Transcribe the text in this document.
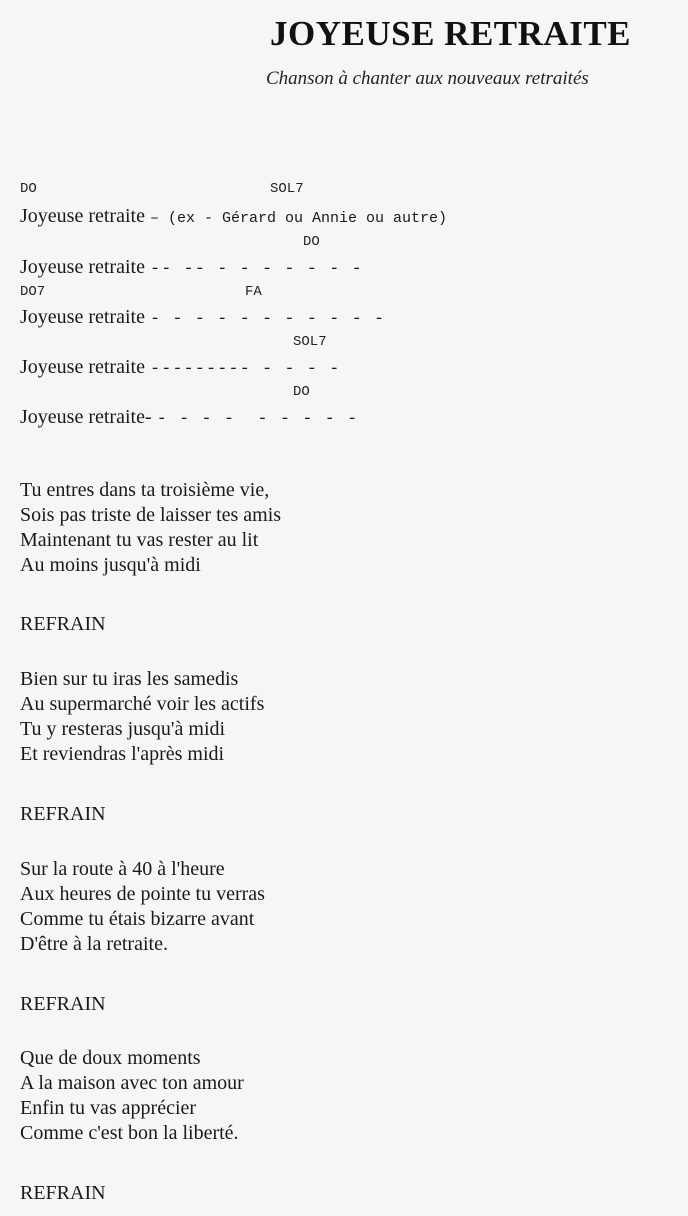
JOYEUSE RETRAITE
Chanson à chanter aux nouveaux retraités
DO	SOL7
Joyeuse retraite – (ex - Gérard ou Annie ou autre)
DO
Joyeuse retraite -- -- - - - - - - -
DO7	FA
Joyeuse retraite - - - - - - - - - - -
SOL7
Joyeuse retraite --------- - - - -
DO
Joyeuse retraite- - - - -  - - - - -
Tu entres dans ta troisième vie,
Sois pas triste de laisser tes amis
Maintenant tu vas rester au lit
Au moins jusqu'à midi
REFRAIN
Bien sur tu iras les samedis
Au supermarché voir les actifs
Tu y resteras jusqu'à midi
Et reviendras l'après midi
REFRAIN
Sur la route à 40 à l'heure
Aux heures de pointe tu verras
Comme tu étais bizarre avant
D'être à la retraite.
REFRAIN
Que de doux moments
A la maison avec ton amour
Enfin tu vas apprécier
Comme c'est bon la liberté.
REFRAIN
